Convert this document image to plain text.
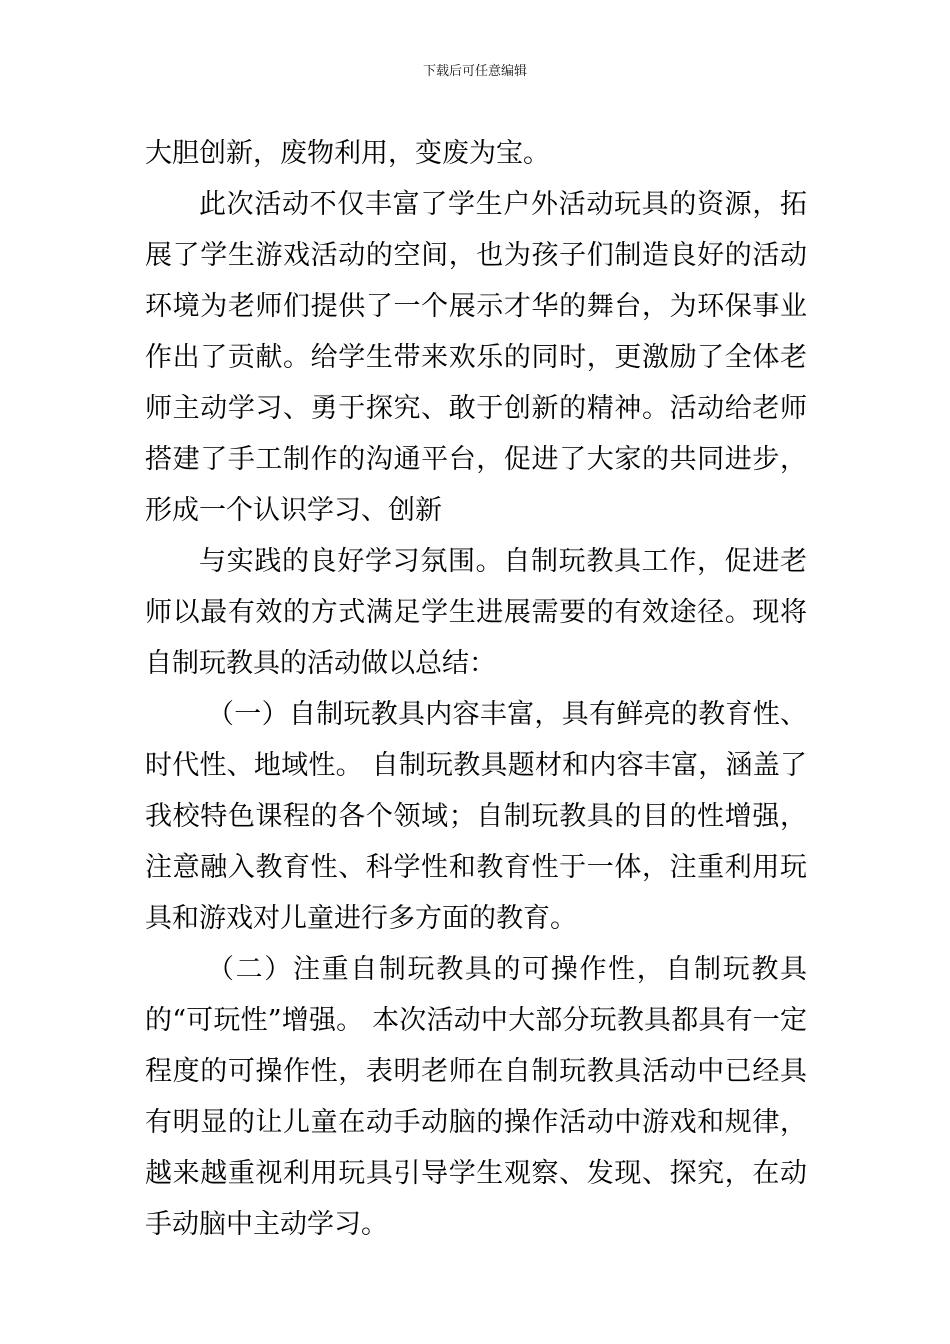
下载后可任意编辑

大胆创新，废物利用，变废为宝。

此次活动不仅丰富了学生户外活动玩具的资源，拓展了学生游戏活动的空间，也为孩子们制造良好的活动环境为老师们提供了一个展示才华的舞台，为环保事业作出了贡献。给学生带来欢乐的同时，更激励了全体老师主动学习、勇于探究、敢于创新的精神。活动给老师搭建了手工制作的沟通平台，促进了大家的共同进步，形成一个认识学习、创新

与实践的良好学习氛围。自制玩教具工作，促进老师以最有效的方式满足学生进展需要的有效途径。现将自制玩教具的活动做以总结：

（一）自制玩教具内容丰富，具有鲜亮的教育性、时代性、地域性。 自制玩教具题材和内容丰富，涵盖了我校特色课程的各个领域；自制玩教具的目的性增强，注意融入教育性、科学性和教育性于一体，注重利用玩具和游戏对儿童进行多方面的教育。

（二）注重自制玩教具的可操作性，自制玩教具的“可玩性”增强。 本次活动中大部分玩教具都具有一定程度的可操作性，表明老师在自制玩教具活动中已经具有明显的让儿童在动手动脑的操作活动中游戏和规律，越来越重视利用玩具引导学生观察、发现、探究，在动手动脑中主动学习。
